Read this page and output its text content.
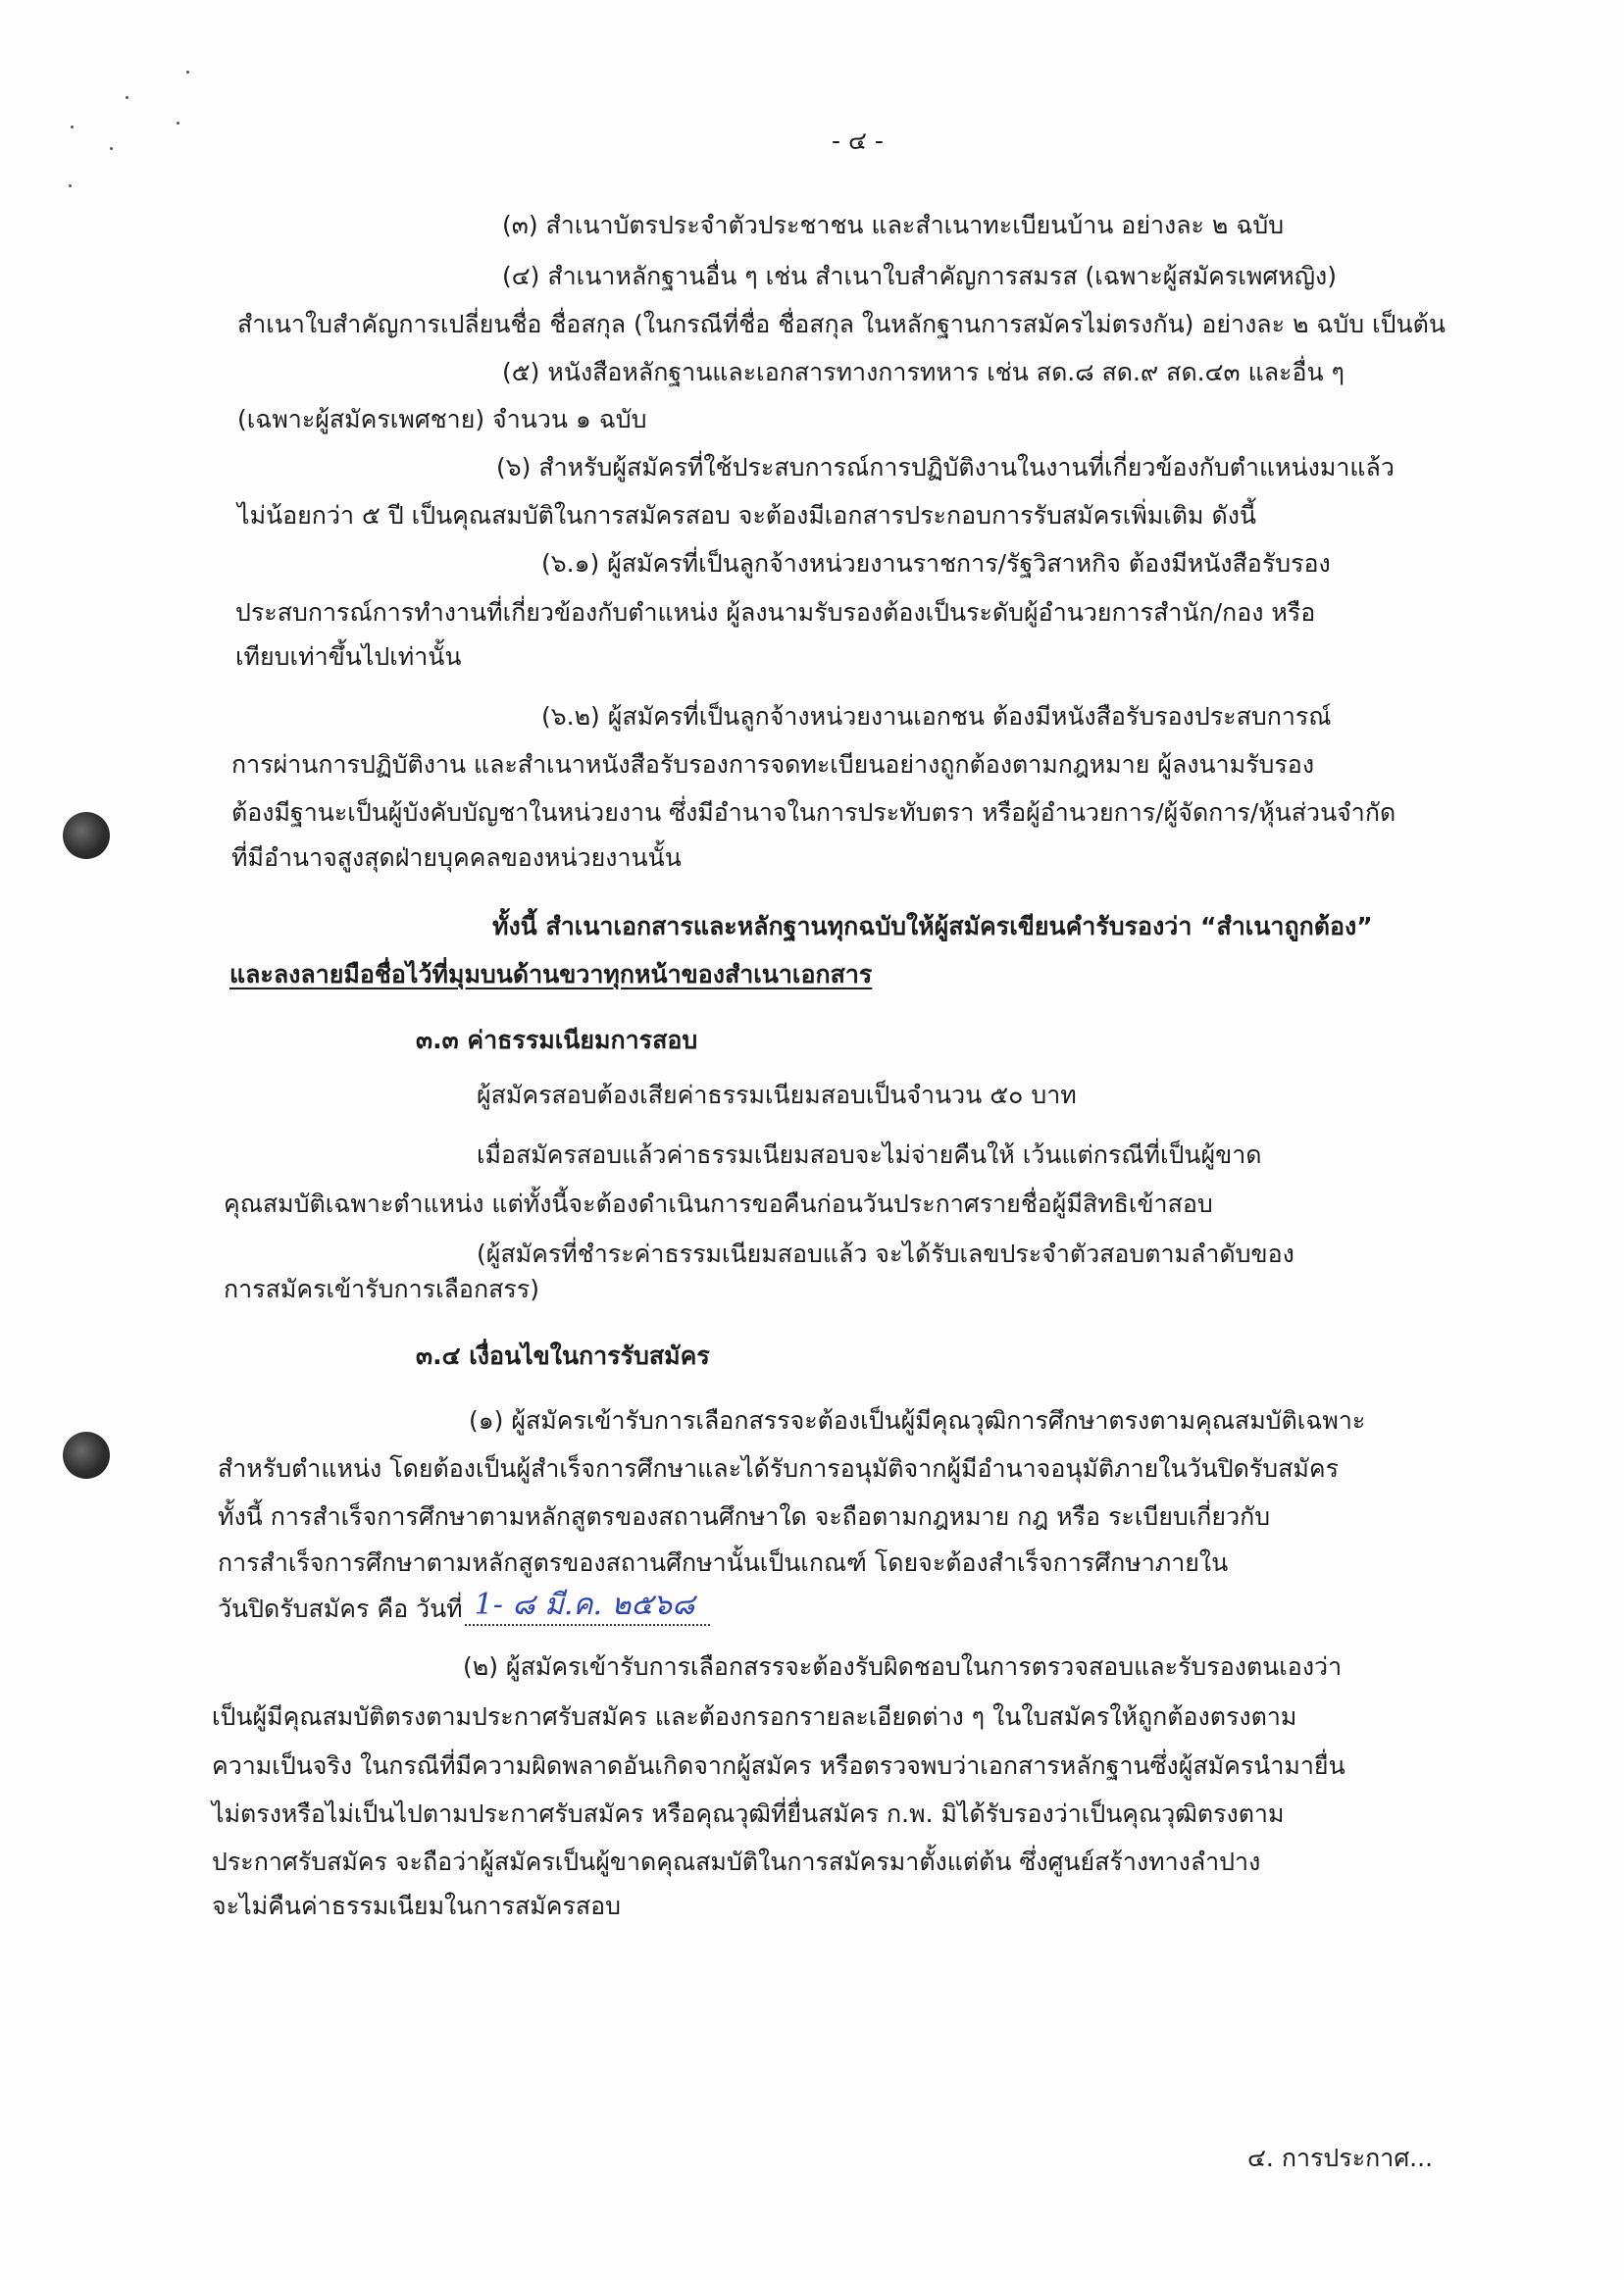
- ๔ -
(๓) สำเนาบัตรประจำตัวประชาชน และสำเนาทะเบียนบ้าน อย่างละ ๒ ฉบับ
(๔) สำเนาหลักฐานอื่น ๆ เช่น สำเนาใบสำคัญการสมรส (เฉพาะผู้สมัครเพศหญิง)
สำเนาใบสำคัญการเปลี่ยนชื่อ ชื่อสกุล (ในกรณีที่ชื่อ ชื่อสกุล ในหลักฐานการสมัครไม่ตรงกัน) อย่างละ ๒ ฉบับ เป็นต้น
(๕) หนังสือหลักฐานและเอกสารทางการทหาร เช่น สด.๘ สด.๙ สด.๔๓ และอื่น ๆ
(เฉพาะผู้สมัครเพศชาย) จำนวน ๑ ฉบับ
(๖) สำหรับผู้สมัครที่ใช้ประสบการณ์การปฏิบัติงานในงานที่เกี่ยวข้องกับตำแหน่งมาแล้ว
ไม่น้อยกว่า ๕ ปี เป็นคุณสมบัติในการสมัครสอบ จะต้องมีเอกสารประกอบการรับสมัครเพิ่มเติม ดังนี้
(๖.๑) ผู้สมัครที่เป็นลูกจ้างหน่วยงานราชการ/รัฐวิสาหกิจ ต้องมีหนังสือรับรอง
ประสบการณ์การทำงานที่เกี่ยวข้องกับตำแหน่ง ผู้ลงนามรับรองต้องเป็นระดับผู้อำนวยการสำนัก/กอง หรือ
เทียบเท่าขึ้นไปเท่านั้น
(๖.๒) ผู้สมัครที่เป็นลูกจ้างหน่วยงานเอกชน ต้องมีหนังสือรับรองประสบการณ์
การผ่านการปฏิบัติงาน และสำเนาหนังสือรับรองการจดทะเบียนอย่างถูกต้องตามกฎหมาย ผู้ลงนามรับรอง
ต้องมีฐานะเป็นผู้บังคับบัญชาในหน่วยงาน ซึ่งมีอำนาจในการประทับตรา หรือผู้อำนวยการ/ผู้จัดการ/หุ้นส่วนจำกัด
ที่มีอำนาจสูงสุดฝ่ายบุคคลของหน่วยงานนั้น
ทั้งนี้ สำเนาเอกสารและหลักฐานทุกฉบับให้ผู้สมัครเขียนคำรับรองว่า “สำเนาถูกต้อง”
และลงลายมือชื่อไว้ที่มุมบนด้านขวาทุกหน้าของสำเนาเอกสาร
๓.๓ ค่าธรรมเนียมการสอบ
ผู้สมัครสอบต้องเสียค่าธรรมเนียมสอบเป็นจำนวน ๕๐ บาท
เมื่อสมัครสอบแล้วค่าธรรมเนียมสอบจะไม่จ่ายคืนให้ เว้นแต่กรณีที่เป็นผู้ขาด
คุณสมบัติเฉพาะตำแหน่ง แต่ทั้งนี้จะต้องดำเนินการขอคืนก่อนวันประกาศรายชื่อผู้มีสิทธิเข้าสอบ
(ผู้สมัครที่ชำระค่าธรรมเนียมสอบแล้ว จะได้รับเลขประจำตัวสอบตามลำดับของ
การสมัครเข้ารับการเลือกสรร)
๓.๔ เงื่อนไขในการรับสมัคร
(๑) ผู้สมัครเข้ารับการเลือกสรรจะต้องเป็นผู้มีคุณวุฒิการศึกษาตรงตามคุณสมบัติเฉพาะ
สำหรับตำแหน่ง โดยต้องเป็นผู้สำเร็จการศึกษาและได้รับการอนุมัติจากผู้มีอำนาจอนุมัติภายในวันปิดรับสมัคร
ทั้งนี้ การสำเร็จการศึกษาตามหลักสูตรของสถานศึกษาใด จะถือตามกฎหมาย กฎ หรือ ระเบียบเกี่ยวกับ
การสำเร็จการศึกษาตามหลักสูตรของสถานศึกษานั้นเป็นเกณฑ์ โดยจะต้องสำเร็จการศึกษาภายใน
วันปิดรับสมัคร คือ วันที่ 1- ๘ มี.ค. ๒๕๖๘
(๒) ผู้สมัครเข้ารับการเลือกสรรจะต้องรับผิดชอบในการตรวจสอบและรับรองตนเองว่า
เป็นผู้มีคุณสมบัติตรงตามประกาศรับสมัคร และต้องกรอกรายละเอียดต่าง ๆ ในใบสมัครให้ถูกต้องตรงตาม
ความเป็นจริง ในกรณีที่มีความผิดพลาดอันเกิดจากผู้สมัคร หรือตรวจพบว่าเอกสารหลักฐานซึ่งผู้สมัครนำมายื่น
ไม่ตรงหรือไม่เป็นไปตามประกาศรับสมัคร หรือคุณวุฒิที่ยื่นสมัคร ก.พ. มิได้รับรองว่าเป็นคุณวุฒิตรงตาม
ประกาศรับสมัคร จะถือว่าผู้สมัครเป็นผู้ขาดคุณสมบัติในการสมัครมาตั้งแต่ต้น ซึ่งศูนย์สร้างทางลำปาง
จะไม่คืนค่าธรรมเนียมในการสมัครสอบ
๔. การประกาศ...
